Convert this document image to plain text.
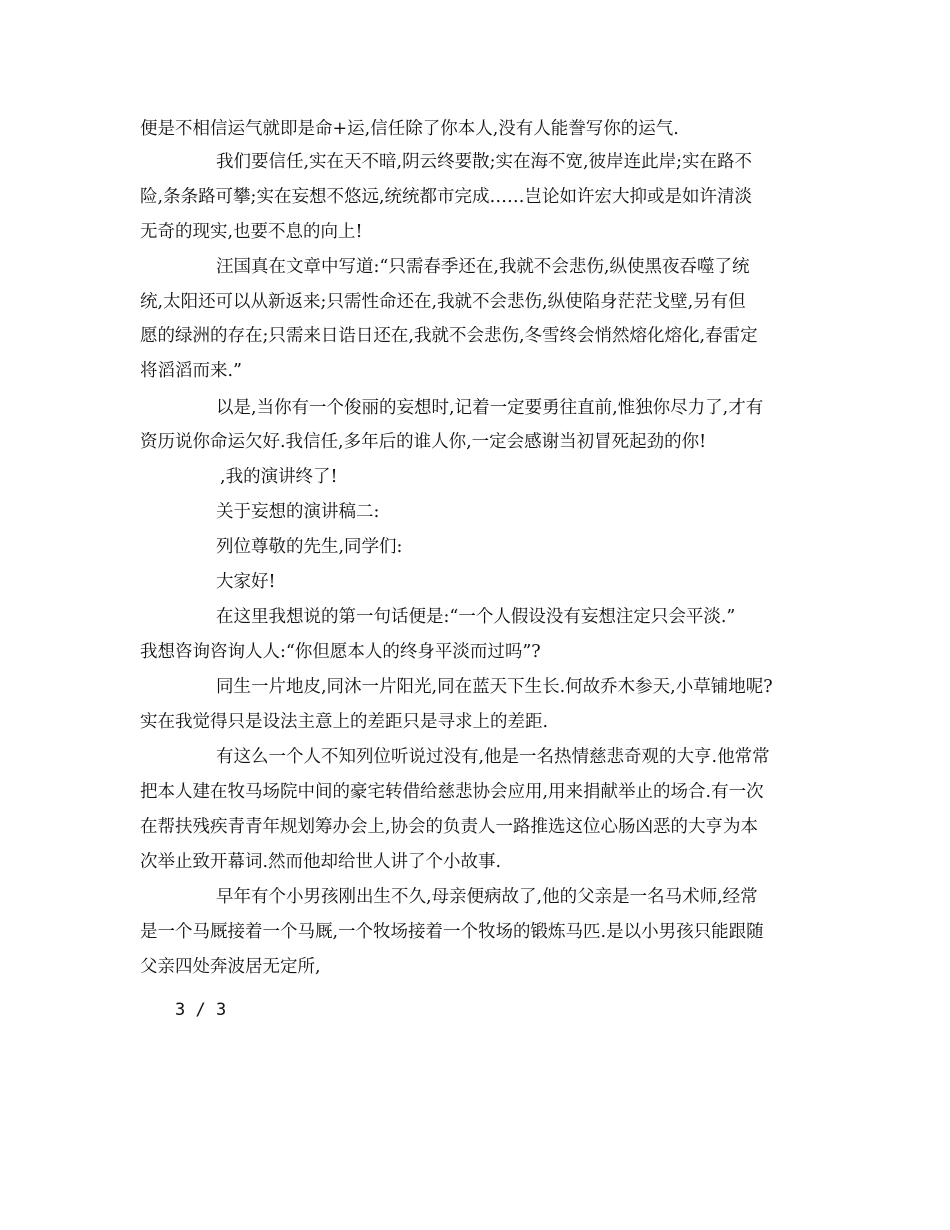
便是不相信运气就即是命+运,信任除了你本人,没有人能誊写你的运气.
我们要信任,实在天不暗,阴云终要散;实在海不宽,彼岸连此岸;实在路不
险,条条路可攀;实在妄想不悠远,统统都市完成……岂论如许宏大抑或是如许清淡
无奇的现实,也要不息的向上!
汪国真在文章中写道:“只需春季还在,我就不会悲伤,纵使黑夜吞噬了统
统,太阳还可以从新返来;只需性命还在,我就不会悲伤,纵使陷身茫茫戈壁,另有但
愿的绿洲的存在;只需来日诰日还在,我就不会悲伤,冬雪终会悄然熔化熔化,春雷定
将滔滔而来.”
以是,当你有一个俊丽的妄想时,记着一定要勇往直前,惟独你尽力了,才有
资历说你命运欠好.我信任,多年后的谁人你,一定会感谢当初冒死起劲的你!
,我的演讲终了!
关于妄想的演讲稿二:
列位尊敬的先生,同学们:
大家好!
在这里我想说的第一句话便是:“一个人假设没有妄想注定只会平淡.”
我想咨询咨询人人:“你但愿本人的终身平淡而过吗”?
同生一片地皮,同沐一片阳光,同在蓝天下生长.何故乔木参天,小草铺地呢?
实在我觉得只是设法主意上的差距只是寻求上的差距.
有这么一个人不知列位听说过没有,他是一名热情慈悲奇观的大亨.他常常
把本人建在牧马场院中间的豪宅转借给慈悲协会应用,用来捐献举止的场合.有一次
在帮扶残疾青青年规划筹办会上,协会的负责人一路推选这位心肠凶恶的大亨为本
次举止致开幕词.然而他却给世人讲了个小故事.
早年有个小男孩刚出生不久,母亲便病故了,他的父亲是一名马术师,经常
是一个马厩接着一个马厩,一个牧场接着一个牧场的锻炼马匹.是以小男孩只能跟随
父亲四处奔波居无定所,
3 / 3
